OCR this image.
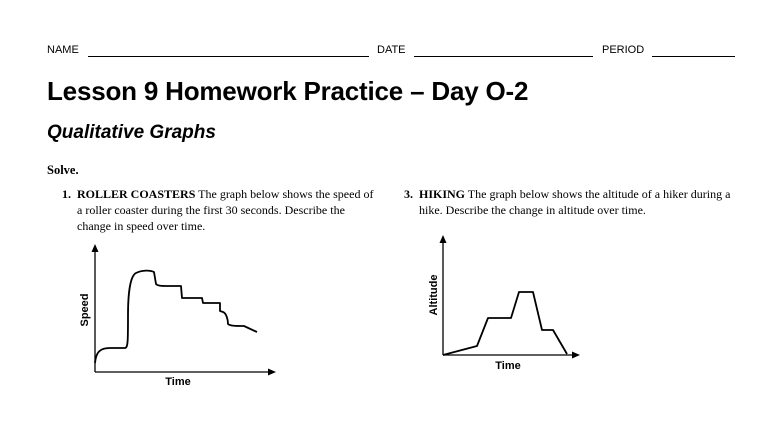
NAME	DATE	PERIOD
Lesson 9 Homework Practice – Day O-2
Qualitative Graphs
Solve.
1. ROLLER COASTERS The graph below shows the speed of a roller coaster during the first 30 seconds. Describe the change in speed over time.
3. HIKING The graph below shows the altitude of a hiker during a hike. Describe the change in altitude over time.
Speed
Time
Altitude
Time
